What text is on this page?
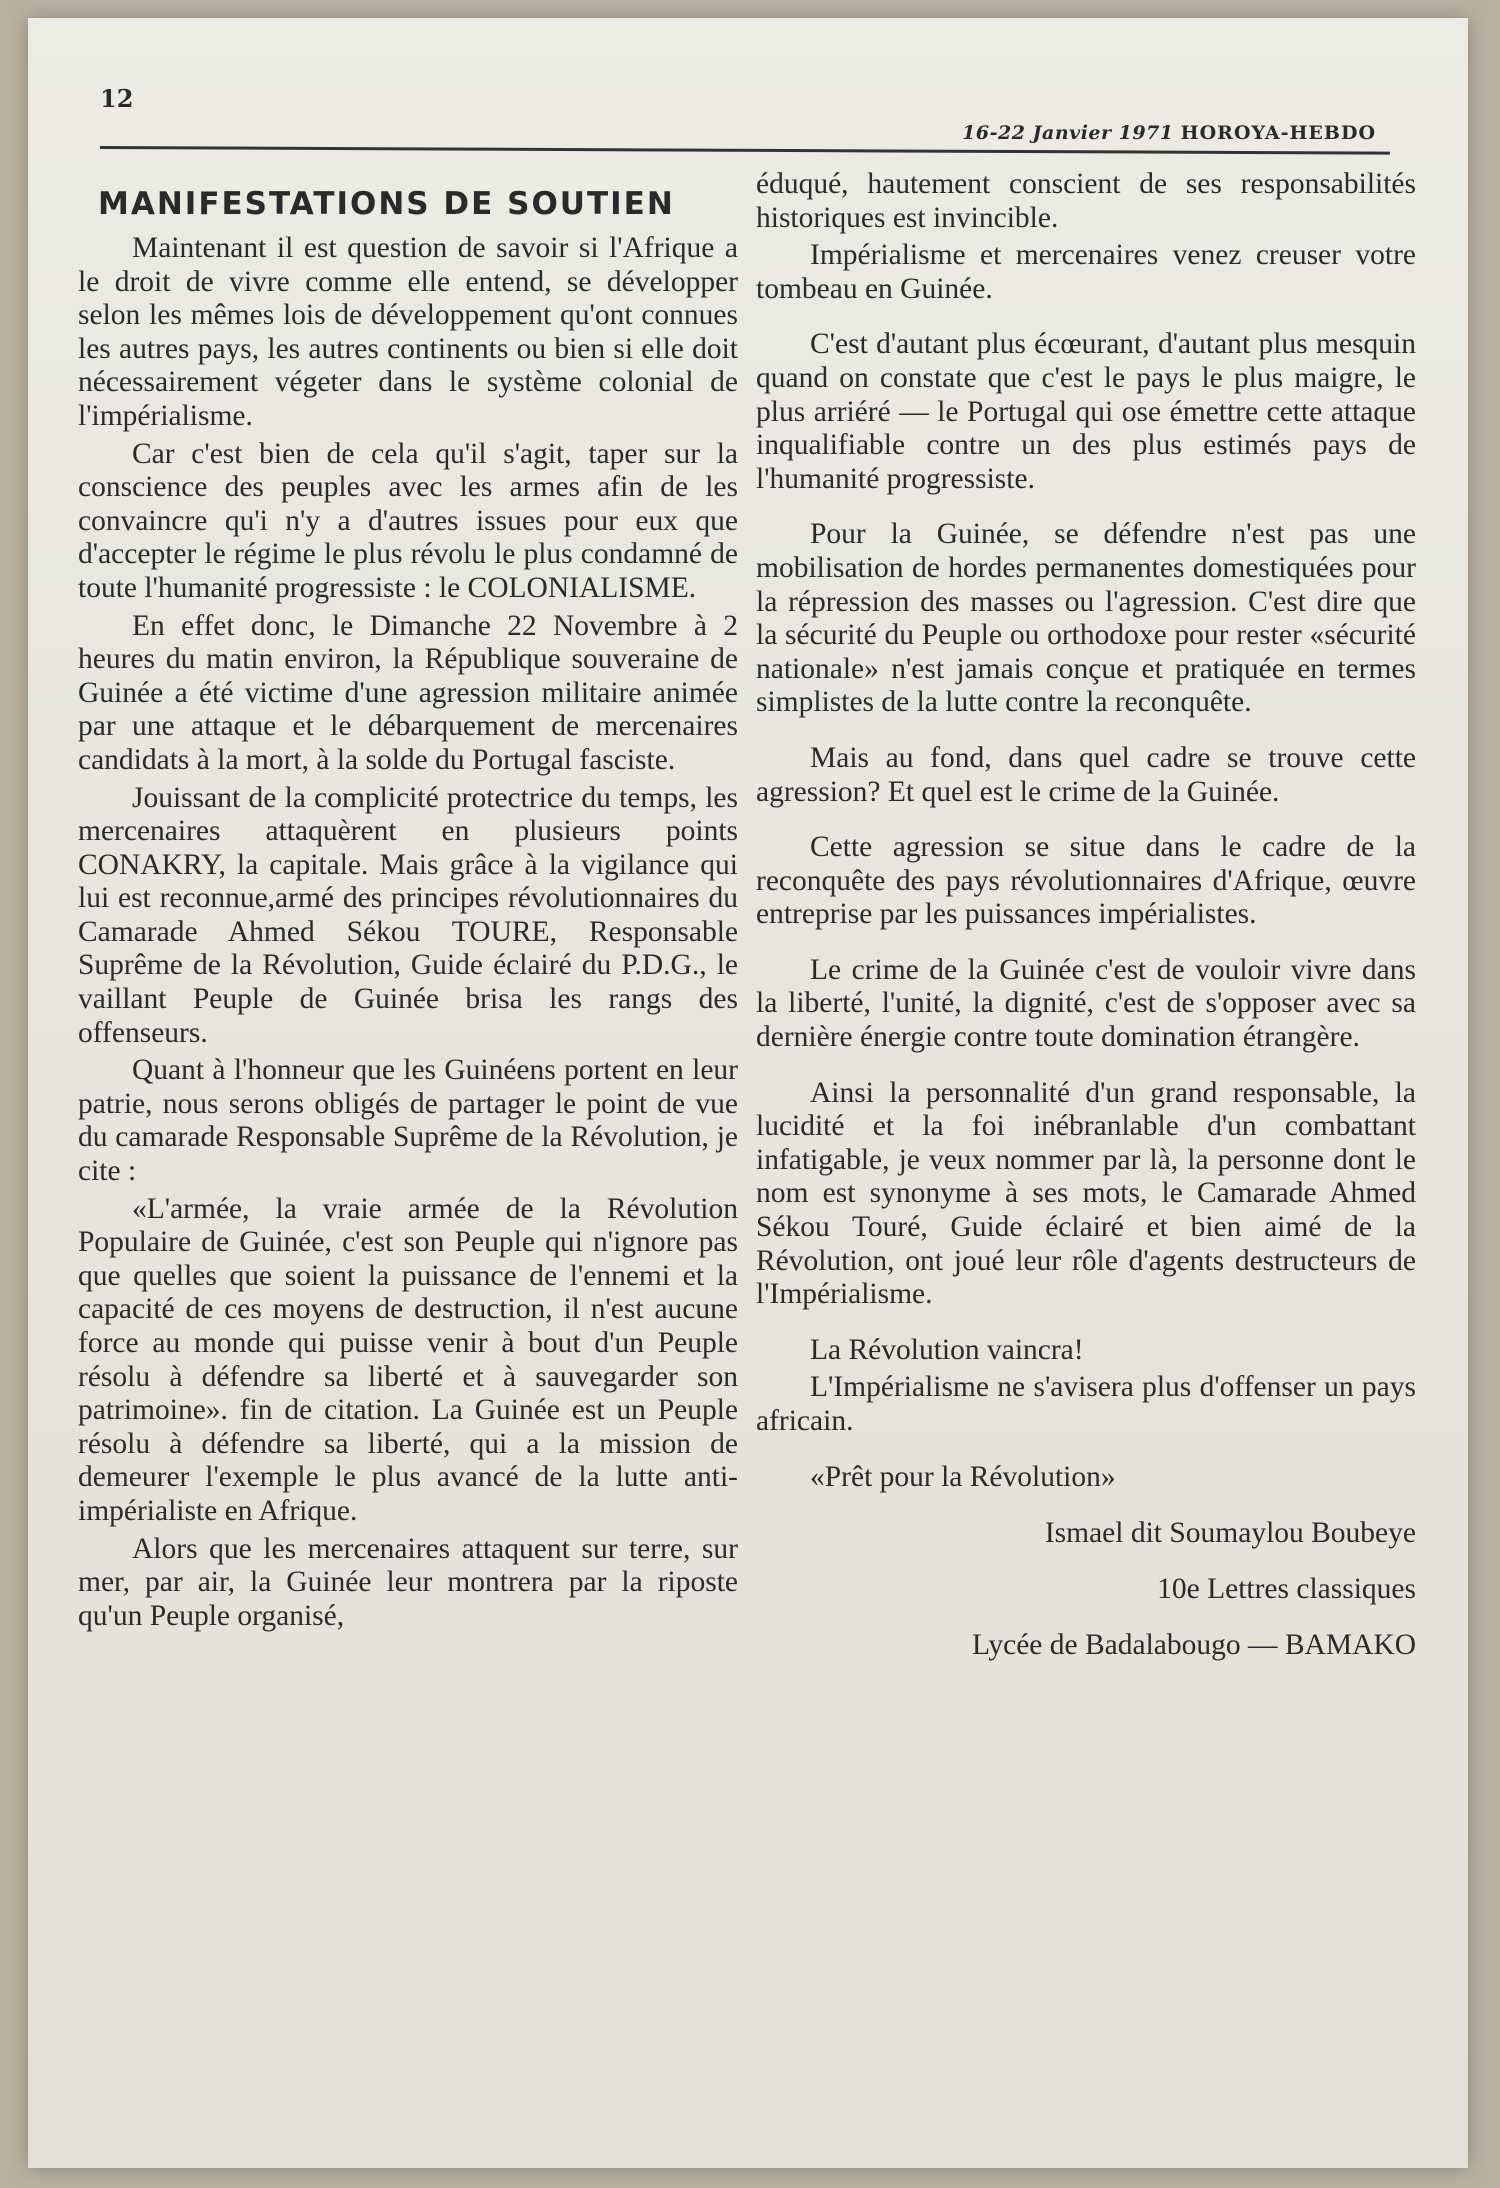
12
16-22 Janvier 1971 HOROYA-HEBDO
MANIFESTATIONS DE SOUTIEN

Maintenant il est question de savoir si l'Afrique a le droit de vivre comme elle entend, se développer selon les mêmes lois de développement qu'ont connues les autres pays, les autres continents ou bien si elle doit nécessairement végeter dans le système colonial de l'impérialisme.

Car c'est bien de cela qu'il s'agit, taper sur la conscience des peuples avec les armes afin de les convaincre qu'i n'y a d'autres issues pour eux que d'accepter le régime le plus révolu le plus condamné de toute l'humanité progressiste : le COLONIALISME.

En effet donc, le Dimanche 22 Novembre à 2 heures du matin environ, la République souveraine de Guinée a été victime d'une agression militaire animée par une attaque et le débarquement de mercenaires candidats à la mort, à la solde du Portugal fasciste.

Jouissant de la complicité protectrice du temps, les mercenaires attaquèrent en plusieurs points CONAKRY, la capitale. Mais grâce à la vigilance qui lui est reconnue,armé des principes révolutionnaires du Camarade Ahmed Sékou TOURE, Responsable Suprême de la Révolution, Guide éclairé du P.D.G., le vaillant Peuple de Guinée brisa les rangs des offenseurs.

Quant à l'honneur que les Guinéens portent en leur patrie, nous serons obligés de partager le point de vue du camarade Responsable Suprême de la Révolution, je cite :

«L'armée, la vraie armée de la Révolution Populaire de Guinée, c'est son Peuple qui n'ignore pas que quelles que soient la puissance de l'ennemi et la capacité de ces moyens de destruction, il n'est aucune force au monde qui puisse venir à bout d'un Peuple résolu à défendre sa liberté et à sauvegarder son patrimoine». fin de citation. La Guinée est un Peuple résolu à défendre sa liberté, qui a la mission de demeurer l'exemple le plus avancé de la lutte anti-impérialiste en Afrique.

Alors que les mercenaires attaquent sur terre, sur mer, par air, la Guinée leur montrera par la riposte qu'un Peuple organisé,

éduqué, hautement conscient de ses responsabilités historiques est invincible.

Impérialisme et mercenaires venez creuser votre tombeau en Guinée.

C'est d'autant plus écœurant, d'autant plus mesquin quand on constate que c'est le pays le plus maigre, le plus arriéré — le Portugal qui ose émettre cette attaque inqualifiable contre un des plus estimés pays de l'humanité progressiste.

Pour la Guinée, se défendre n'est pas une mobilisation de hordes permanentes domestiquées pour la répression des masses ou l'agression. C'est dire que la sécurité du Peuple ou orthodoxe pour rester «sécurité nationale» n'est jamais conçue et pratiquée en termes simplistes de la lutte contre la reconquête.

Mais au fond, dans quel cadre se trouve cette agression? Et quel est le crime de la Guinée.

Cette agression se situe dans le cadre de la reconquête des pays révolutionnaires d'Afrique, œuvre entreprise par les puissances impérialistes.

Le crime de la Guinée c'est de vouloir vivre dans la liberté, l'unité, la dignité, c'est de s'opposer avec sa dernière énergie contre toute domination étrangère.

Ainsi la personnalité d'un grand responsable, la lucidité et la foi inébranlable d'un combattant infatigable, je veux nommer par là, la personne dont le nom est synonyme à ses mots, le Camarade Ahmed Sékou Touré, Guide éclairé et bien aimé de la Révolution, ont joué leur rôle d'agents destructeurs de l'Impérialisme.

La Révolution vaincra!

L'Impérialisme ne s'avisera plus d'offenser un pays africain.

«Prêt pour la Révolution»

Ismael dit Soumaylou Boubeye

10e Lettres classiques

Lycée de Badalabougo — BAMAKO
